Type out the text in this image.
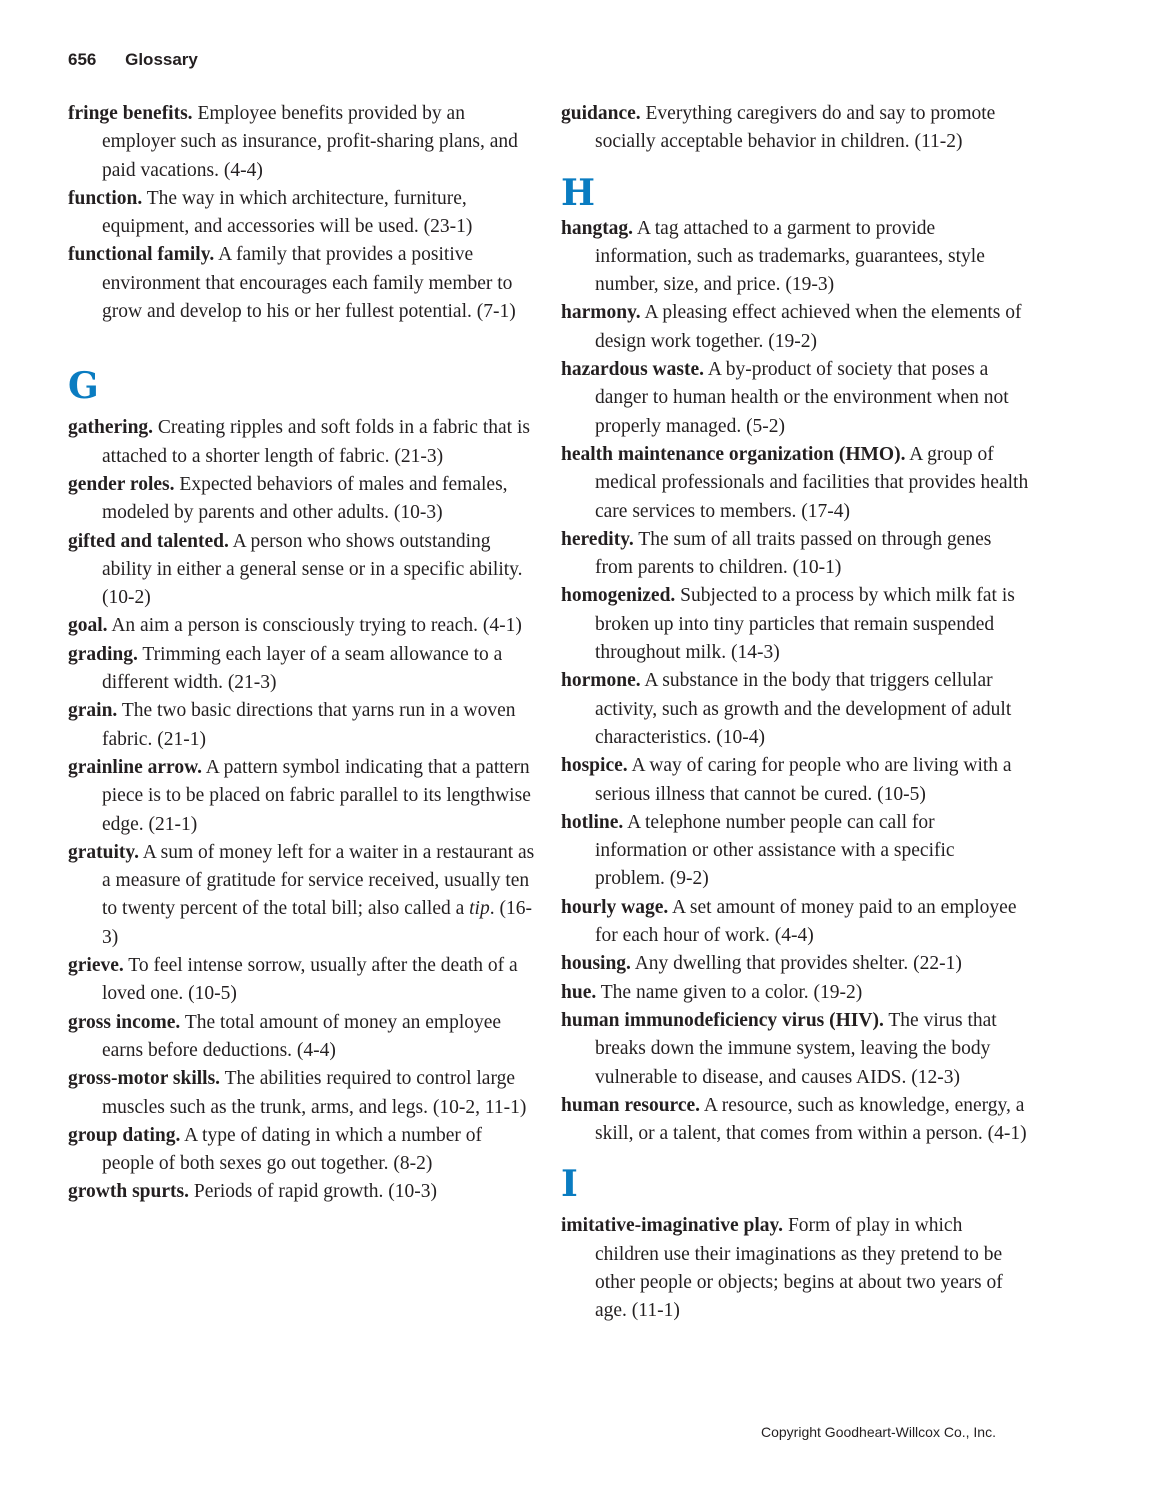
656 Glossary

fringe benefits. Employee benefits provided by an employer such as insurance, profit-sharing plans, and paid vacations. (4-4)

function. The way in which architecture, furniture, equipment, and accessories will be used. (23-1)

functional family. A family that provides a positive environment that encourages each family member to grow and develop to his or her fullest potential. (7-1)

G

gathering. Creating ripples and soft folds in a fabric that is attached to a shorter length of fabric. (21-3)

gender roles. Expected behaviors of males and females, modeled by parents and other adults. (10-3)

gifted and talented. A person who shows outstanding ability in either a general sense or in a specific ability. (10-2)

goal. An aim a person is consciously trying to reach. (4-1)

grading. Trimming each layer of a seam allowance to a different width. (21-3)

grain. The two basic directions that yarns run in a woven fabric. (21-1)

grainline arrow. A pattern symbol indicating that a pattern piece is to be placed on fabric parallel to its lengthwise edge. (21-1)

gratuity. A sum of money left for a waiter in a restaurant as a measure of gratitude for service received, usually ten to twenty percent of the total bill; also called a tip. (16-3)

grieve. To feel intense sorrow, usually after the death of a loved one. (10-5)

gross income. The total amount of money an employee earns before deductions. (4-4)

gross-motor skills. The abilities required to control large muscles such as the trunk, arms, and legs. (10-2, 11-1)

group dating. A type of dating in which a number of people of both sexes go out together. (8-2)

growth spurts. Periods of rapid growth. (10-3)

guidance. Everything caregivers do and say to promote socially acceptable behavior in children. (11-2)

H

hangtag. A tag attached to a garment to provide information, such as trademarks, guarantees, style number, size, and price. (19-3)

harmony. A pleasing effect achieved when the elements of design work together. (19-2)

hazardous waste. A by-product of society that poses a danger to human health or the environment when not properly managed. (5-2)

health maintenance organization (HMO). A group of medical professionals and facilities that provides health care services to members. (17-4)

heredity. The sum of all traits passed on through genes from parents to children. (10-1)

homogenized. Subjected to a process by which milk fat is broken up into tiny particles that remain suspended throughout milk. (14-3)

hormone. A substance in the body that triggers cellular activity, such as growth and the development of adult characteristics. (10-4)

hospice. A way of caring for people who are living with a serious illness that cannot be cured. (10-5)

hotline. A telephone number people can call for information or other assistance with a specific problem. (9-2)

hourly wage. A set amount of money paid to an employee for each hour of work. (4-4)

housing. Any dwelling that provides shelter. (22-1)

hue. The name given to a color. (19-2)

human immunodeficiency virus (HIV). The virus that breaks down the immune system, leaving the body vulnerable to disease, and causes AIDS. (12-3)

human resource. A resource, such as knowledge, energy, a skill, or a talent, that comes from within a person. (4-1)

I

imitative-imaginative play. Form of play in which children use their imaginations as they pretend to be other people or objects; begins at about two years of age. (11-1)

Copyright Goodheart-Willcox Co., Inc.
